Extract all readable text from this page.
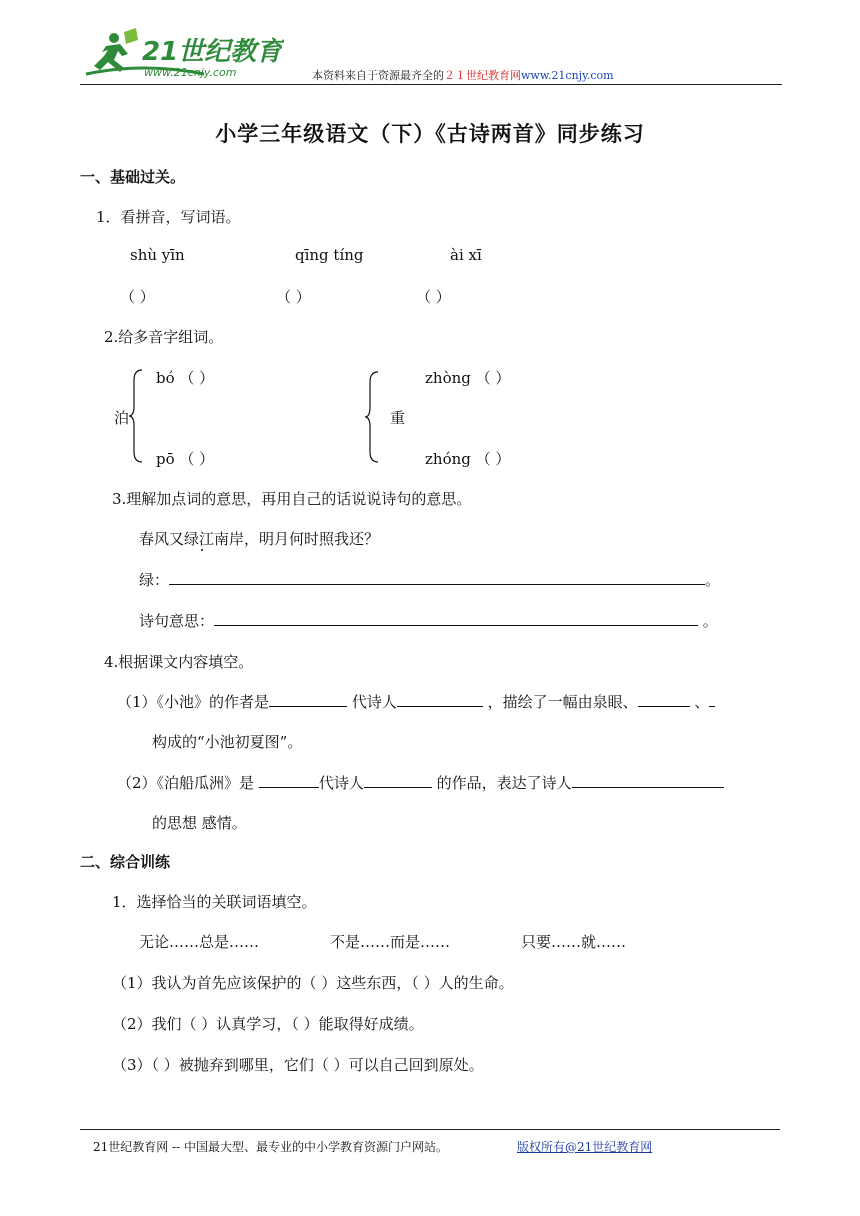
21世纪教育
www.21cnjy.com	本资料来自于资源最齐全的２１世纪教育网www.21cnjy.com
小学三年级语文（下）《古诗两首》同步练习
一、基础过关。
1．看拼音，写词语。
shù yīn	qīng tíng	ài xī
（ ）	（ ）	（ ）
2.给多音字组词。
泊
bó （ ）
pō （ ）
重
zhòng （ ）
zhóng （ ）
3.理解加点词的意思，再用自己的话说说诗句的意思。
春风又绿江南岸，明月何时照我还？
绿：	。
诗句意思：	。
4.根据课文内容填空。
（1）《小池》的作者是	代诗人	，描绘了一幅由泉眼、	、
构成的“小池初夏图”。
（2）《泊船瓜洲》是	代诗人	的作品，表达了诗人
的思想 感情。
二、综合训练
1．选择恰当的关联词语填空。
无论……总是……	不是……而是……	只要……就……
（1）我认为首先应该保护的（ ）这些东西，（ ）人的生命。
（2）我们（ ）认真学习，（ ）能取得好成绩。
（3）（ ）被抛弃到哪里，它们（ ）可以自己回到原处。
21世纪教育网 -- 中国最大型、最专业的中小学教育资源门户网站。	版权所有@21世纪教育网
